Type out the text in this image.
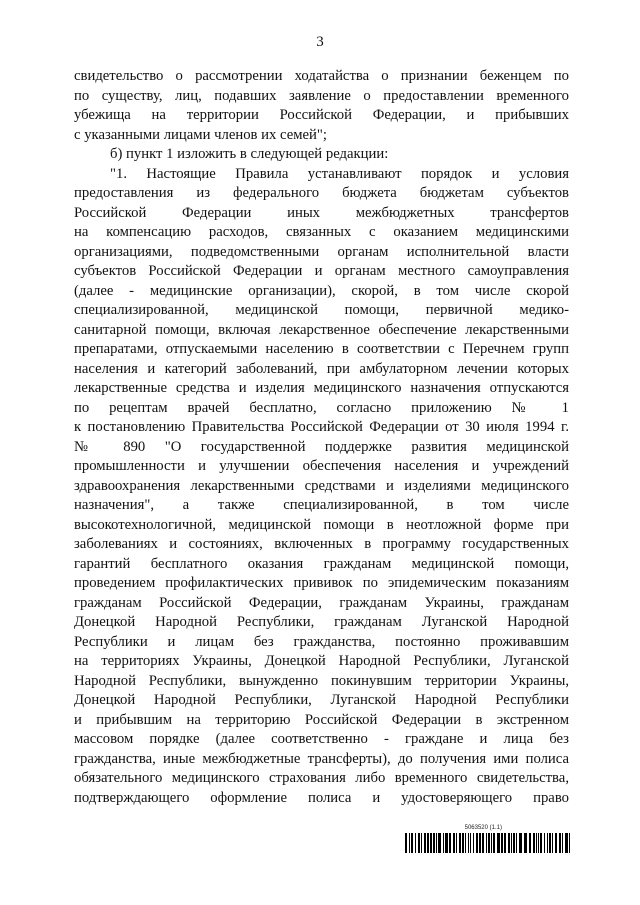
3
свидетельство о рассмотрении ходатайства о признании беженцем по
по существу, лиц, подавших заявление о предоставлении временного
убежища на территории Российской Федерации, и прибывших
с указанными лицами членов их семей";
б) пункт 1 изложить в следующей редакции:
"1. Настоящие Правила устанавливают порядок и условия
предоставления из федерального бюджета бюджетам субъектов
Российской Федерации иных межбюджетных трансфертов
на компенсацию расходов, связанных с оказанием медицинскими
организациями, подведомственными органам исполнительной власти
субъектов Российской Федерации и органам местного самоуправления
(далее - медицинские организации), скорой, в том числе скорой
специализированной, медицинской помощи, первичной медико-
санитарной помощи, включая лекарственное обеспечение лекарственными
препаратами, отпускаемыми населению в соответствии с Перечнем групп
населения и категорий заболеваний, при амбулаторном лечении которых
лекарственные средства и изделия медицинского назначения отпускаются
по рецептам врачей бесплатно, согласно приложению № 1
к постановлению Правительства Российской Федерации от 30 июля 1994 г.
№ 890 "О государственной поддержке развития медицинской
промышленности и улучшении обеспечения населения и учреждений
здравоохранения лекарственными средствами и изделиями медицинского
назначения", а также специализированной, в том числе
высокотехнологичной, медицинской помощи в неотложной форме при
заболеваниях и состояниях, включенных в программу государственных
гарантий бесплатного оказания гражданам медицинской помощи,
проведением профилактических прививок по эпидемическим показаниям
гражданам Российской Федерации, гражданам Украины, гражданам
Донецкой Народной Республики, гражданам Луганской Народной
Республики и лицам без гражданства, постоянно проживавшим
на территориях Украины, Донецкой Народной Республики, Луганской
Народной Республики, вынужденно покинувшим территории Украины,
Донецкой Народной Республики, Луганской Народной Республики
и прибывшим на территорию Российской Федерации в экстренном
массовом порядке (далее соответственно - граждане и лица без
гражданства, иные межбюджетные трансферты), до получения ими полиса
обязательного медицинского страхования либо временного свидетельства,
подтверждающего оформление полиса и удостоверяющего право
5063520 (1.1)
